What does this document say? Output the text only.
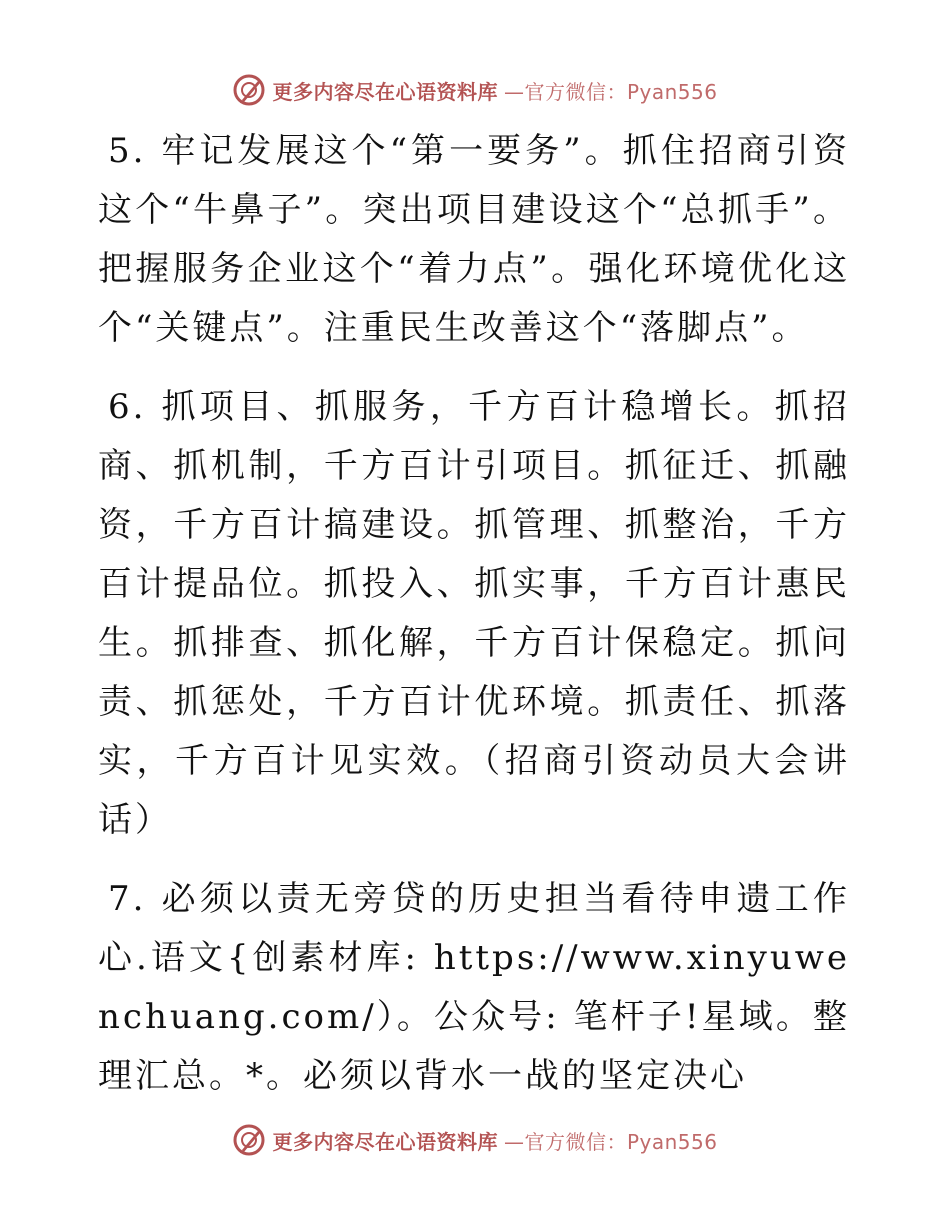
更多内容尽在心语资料库 —官方微信：Pyan556

5. 牢记发展这个“第一要务”。抓住招商引资这个“牛鼻子”。突出项目建设这个“总抓手”。把握服务企业这个“着力点”。强化环境优化这个“关键点”。注重民生改善这个“落脚点”。

6. 抓项目、抓服务，千方百计稳增长。抓招商、抓机制，千方百计引项目。抓征迁、抓融资，千方百计搞建设。抓管理、抓整治，千方百计提品位。抓投入、抓实事，千方百计惠民生。抓排查、抓化解，千方百计保稳定。抓问责、抓惩处，千方百计优环境。抓责任、抓落实，千方百计见实效。（招商引资动员大会讲话）

7. 必须以责无旁贷的历史担当看待申遗工作心.语文{创素材库: https://www.xinyuwenchuang.com/）。公众号: 笔杆子!星域。整理汇总。*。必须以背水一战的坚定决心

更多内容尽在心语资料库 —官方微信：Pyan556
